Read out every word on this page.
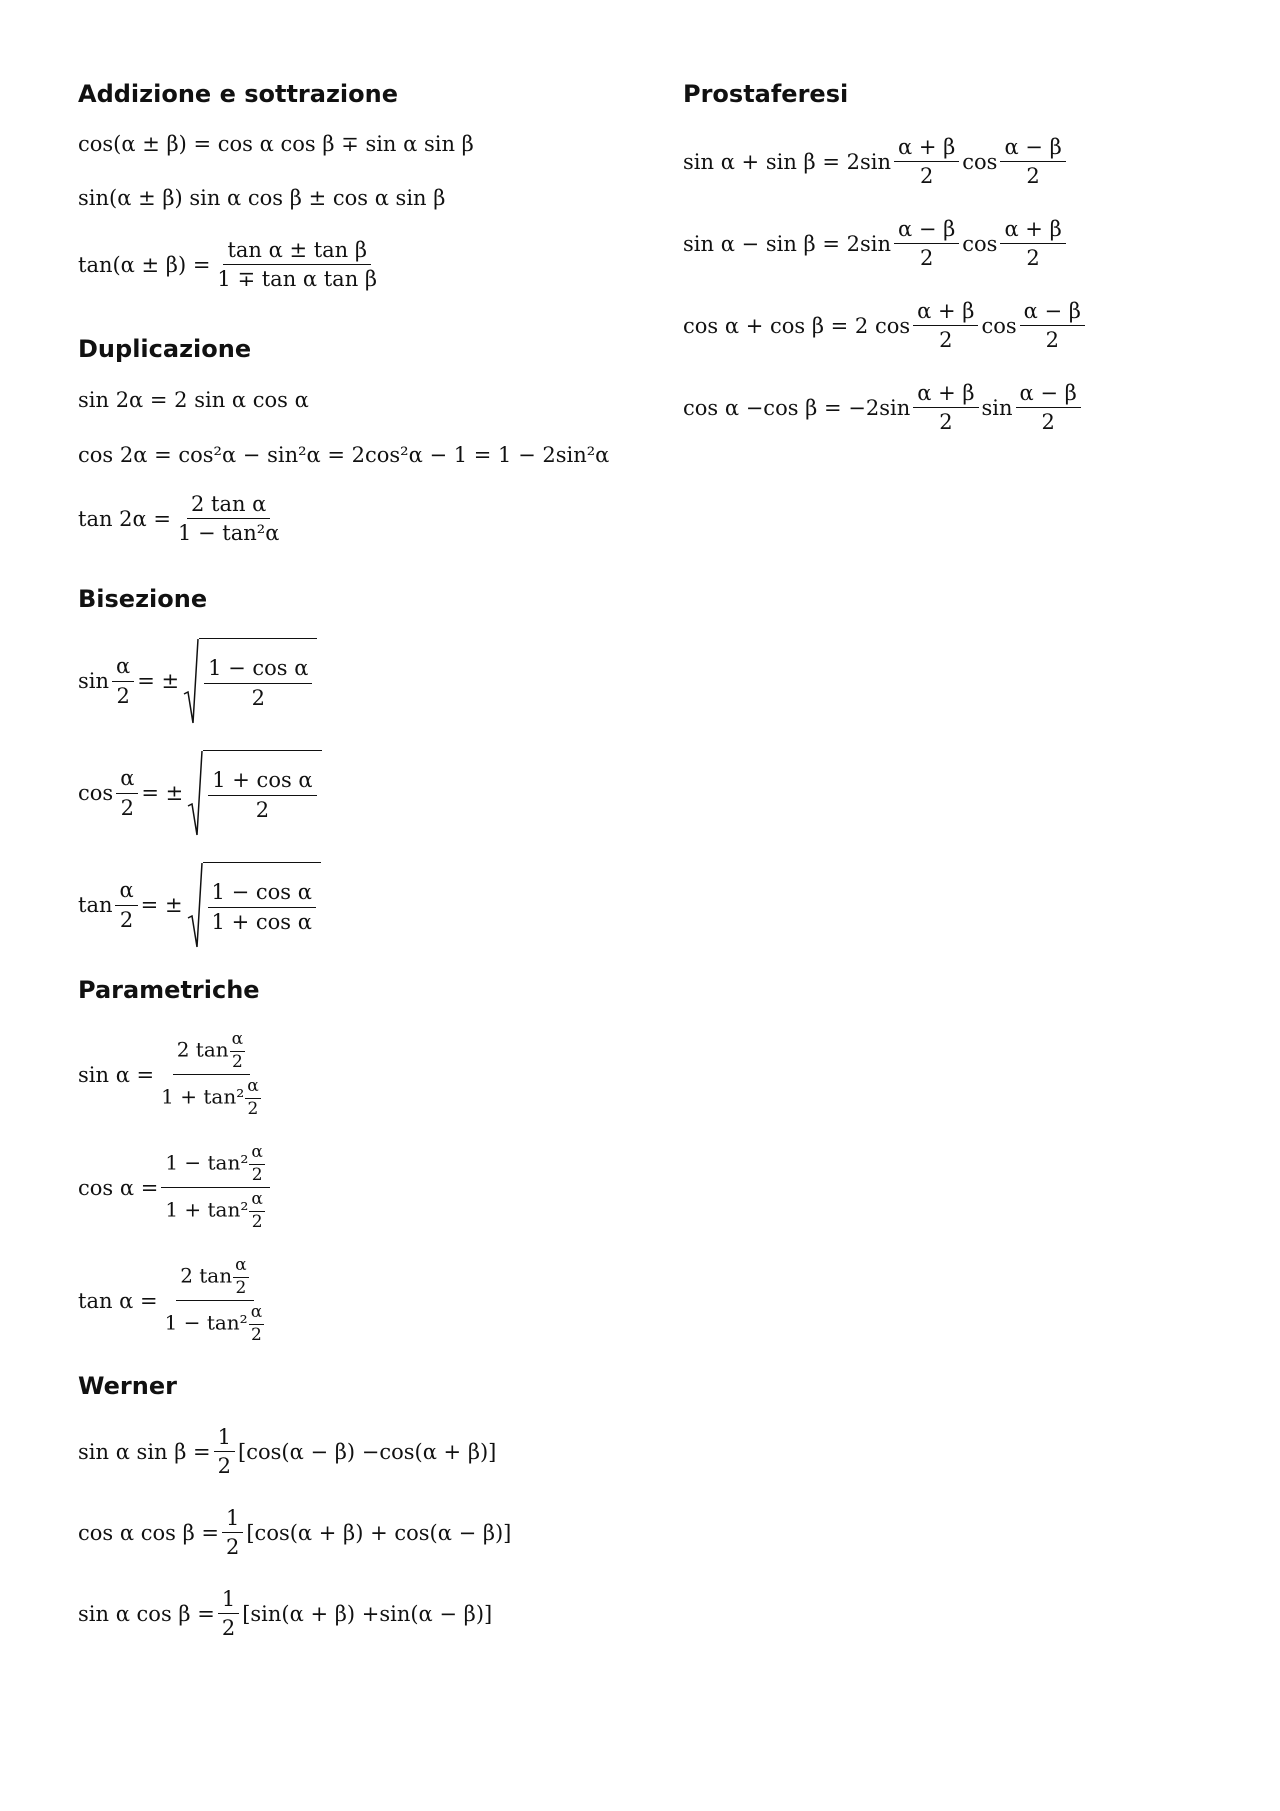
Addizione e sottrazione
cos(α ± β) = cos α cos β ∓ sin α sin β
sin(α ± β) sin α cos β ± cos α sin β
$\tan(\alpha \pm \beta) = \frac{\text{tan α ± tan β}}{\text{1 ∓ tan α tan β}}$
Duplicazione
sin 2α = 2 sin α cos α
cos 2α = cos²α − sin²α = 2cos²α − 1 = 1 − 2sin²α
$\tan 2\alpha = \frac{\text{2 tan α}}{\text{1 − tan²α}}$
Bisezione
$\sin \frac{\alpha}{2}$ = ± $\frac{\text{1 − cos α}}{2}$
$\cos \frac{\alpha}{2}$ = ± $\frac{\text{1 + cos α}}{2}$
$\tan \frac{\alpha}{2}$ = ± $\frac{\text{1 − cos α}}{\text{1 + cos α}}$
Parametriche
$\sin \alpha = \frac{2 \tan \frac{\alpha}{2}}{1 + \tan^2 \frac{\alpha}{2}}$
$\cos \alpha = \frac{1 - \tan^2 \frac{\alpha}{2}}{1 + \tan^2 \frac{\alpha}{2}}$
$\tan \alpha = \frac{2 \tan \frac{\alpha}{2}}{1 - \tan^2 \frac{\alpha}{2}}$
Werner
sin α $\sin \beta = \frac{1}{2} [\cos(\alpha - \beta) -\cos(\alpha + \beta)]$
cos α $\cos \beta = \frac{1}{2} [\cos(\alpha + \beta) + \cos(\alpha - \beta)]$
sin α $\cos \beta = \frac{1}{2} [\sin(\alpha + \beta) +\sin(\alpha - \beta)]$
Prostaferesi
$\sin \alpha + \sin \beta = 2\sin \frac{\alpha + \beta}{2}$ $\cos \frac{\alpha - \beta}{2}$
$\sin \alpha - \sin \beta = 2\sin \frac{\alpha - \beta}{2}$ $\cos \frac{\alpha + \beta}{2}$
cos α + cos β = 2 $\cos \frac{\alpha + \beta}{2}$ $\cos \frac{\alpha - \beta}{2}$
cos α −cos $\beta = -2\sin \frac{\alpha + \beta}{2}$ $\sin \frac{\alpha - \beta}{2}$
